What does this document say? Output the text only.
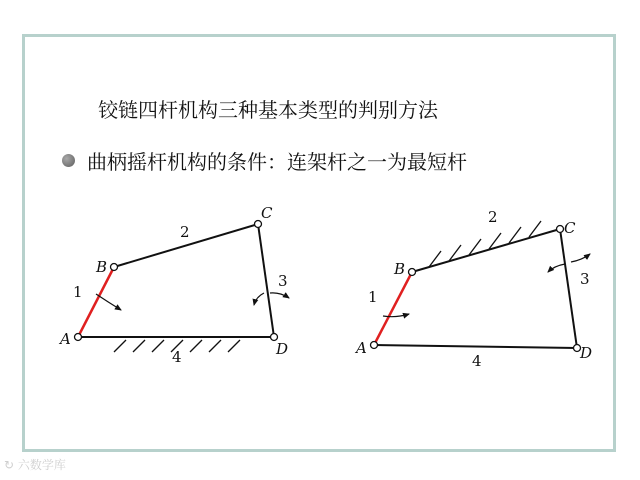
铰链四杆机构三种基本类型的判别方法
曲柄摇杆机构的条件：连架杆之一为最短杆
A
B
C
D
1
2
3
4	A
B
C
D
1
2
3
4
↻ 六数学库
